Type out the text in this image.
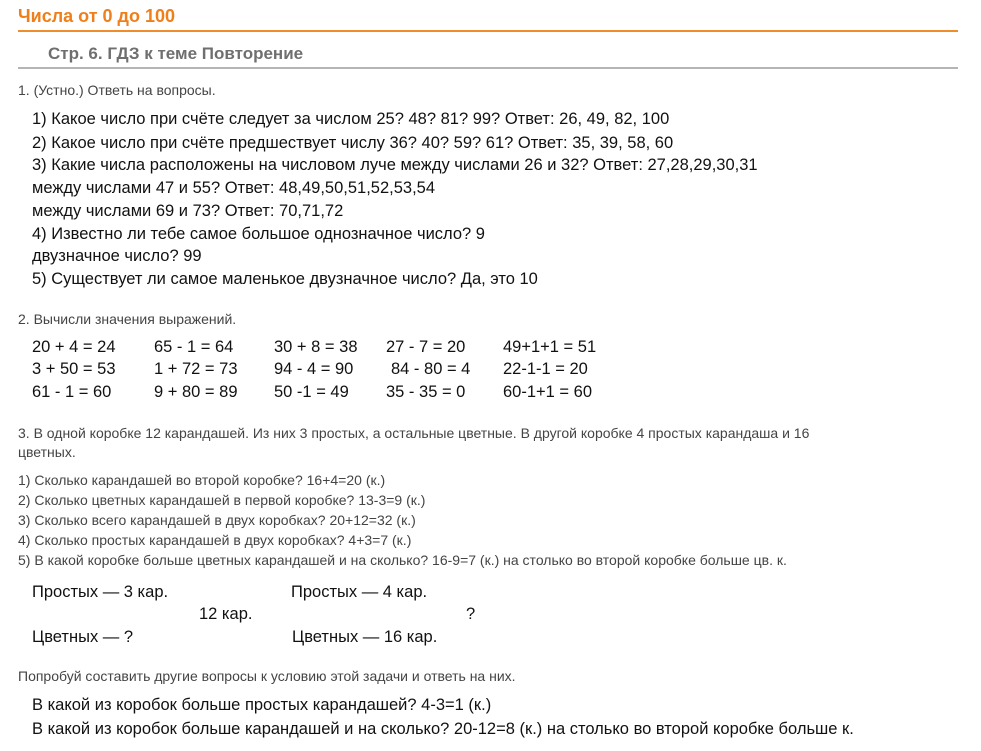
Числа от 0 до 100
Стр. 6. ГДЗ к теме Повторение
1. (Устно.) Ответь на вопросы.
1) Какое число при счёте следует за числом 25? 48? 81? 99? Ответ: 26, 49, 82, 100
2) Какое число при счёте предшествует числу 36? 40? 59? 61? Ответ: 35, 39, 58, 60
3) Какие числа расположены на числовом луче между числами 26 и 32? Ответ: 27,28,29,30,31
между числами 47 и 55? Ответ: 48,49,50,51,52,53,54
между числами 69 и 73? Ответ: 70,71,72
4) Известно ли тебе самое большое однозначное число? 9
двузначное число? 99
5) Существует ли самое маленькое двузначное число? Да, это 10
2. Вычисли значения выражений.
20 + 4 = 24 65 - 1 = 64 30 + 8 = 38 27 - 7 = 20 49+1+1 = 51
3 + 50 = 53 1 + 72 = 73 94 - 4 = 90 84 - 80 = 4 22-1-1 = 20
61 - 1 = 60	9 + 80 = 89 50 -1 = 49 35 - 35 = 0 60-1+1 = 60
3. В одной коробке 12 карандашей. Из них 3 простых, а остальные цветные. В другой коробке 4 простых карандаша и 16
цветных.
1) Сколько карандашей во второй коробке? 16+4=20 (к.)
2) Сколько цветных карандашей в первой коробке? 13-3=9 (к.)
3) Сколько всего карандашей в двух коробках? 20+12=32 (к.)
4) Сколько простых карандашей в двух коробках? 4+3=7 (к.)
5) В какой коробке больше цветных карандашей и на сколько? 16-9=7 (к.) на столько во второй коробке больше цв. к.
Простых — 3 кар.
12 кар.
Цветных — ?
Простых — 4 кар.
?
Цветных — 16 кар.
Попробуй составить другие вопросы к условию этой задачи и ответь на них.
В какой из коробок больше простых карандашей? 4-3=1 (к.)
В какой из коробок больше карандашей и на сколько? 20-12=8 (к.) на столько во второй коробке больше к.
